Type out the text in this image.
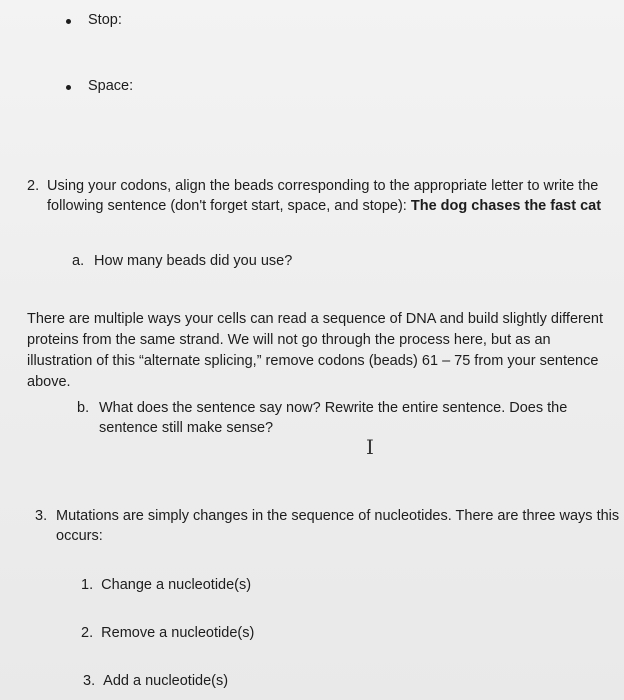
Stop:
Space:
2. Using your codons, align the beads corresponding to the appropriate letter to write the
following sentence (don't forget start, space, and stope): The dog chases the fast cat
a. How many beads did you use?
There are multiple ways your cells can read a sequence of DNA and build slightly different
proteins from the same strand. We will not go through the process here, but as an
illustration of this “alternate splicing,” remove codons (beads) 61 – 75 from your sentence
above.
b. What does the sentence say now? Rewrite the entire sentence. Does the
sentence still make sense?
I
3. Mutations are simply changes in the sequence of nucleotides. There are three ways this
occurs:
1. Change a nucleotide(s)
2. Remove a nucleotide(s)
3. Add a nucleotide(s)
